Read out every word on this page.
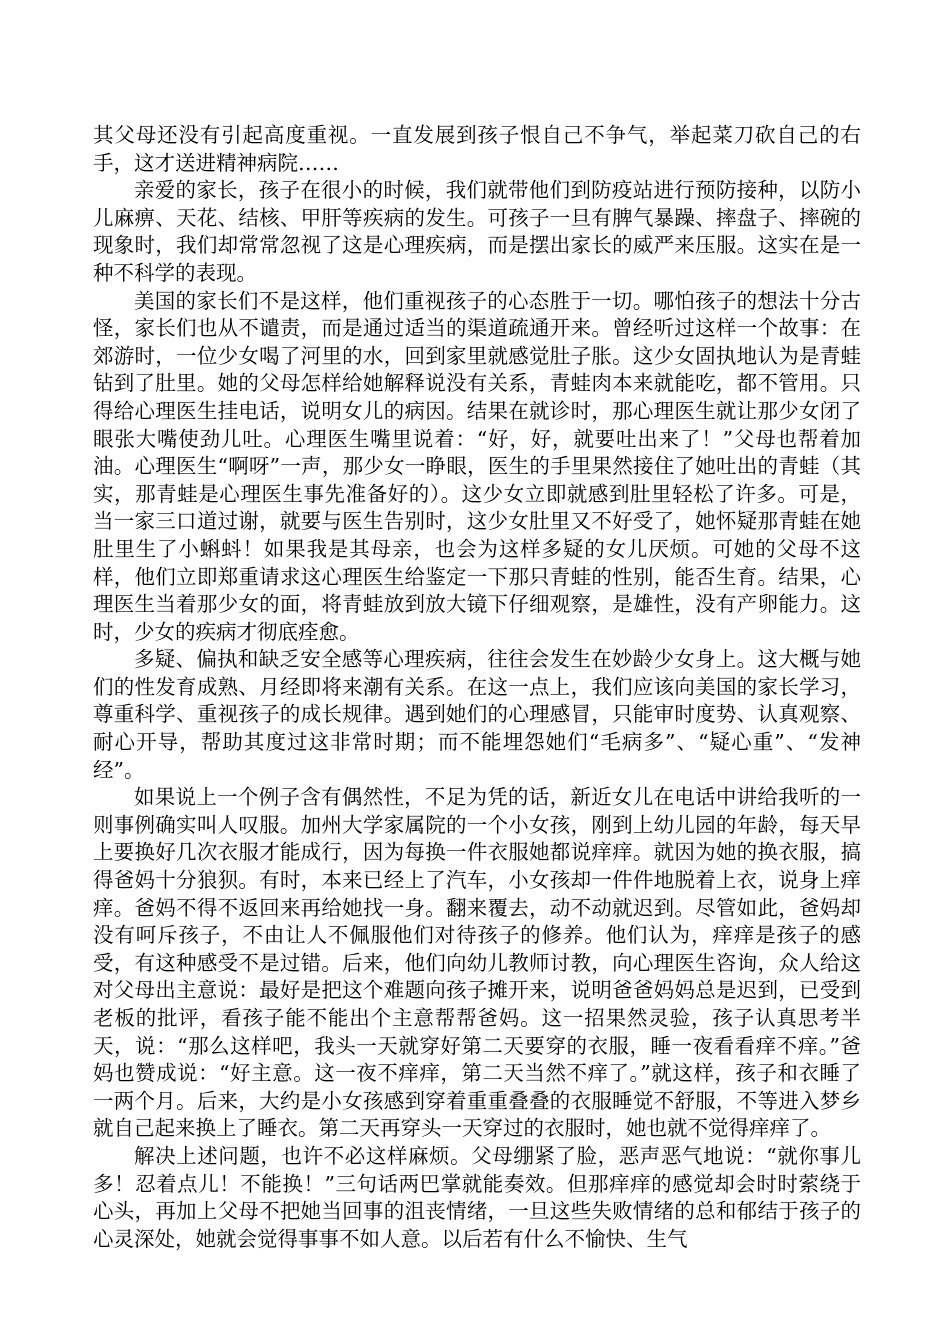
其父母还没有引起高度重视。一直发展到孩子恨自己不争气，举起菜刀砍自己的右手，这才送进精神病院……

亲爱的家长，孩子在很小的时候，我们就带他们到防疫站进行预防接种，以防小儿麻痹、天花、结核、甲肝等疾病的发生。可孩子一旦有脾气暴躁、摔盘子、摔碗的现象时，我们却常常忽视了这是心理疾病，而是摆出家长的威严来压服。这实在是一种不科学的表现。

美国的家长们不是这样，他们重视孩子的心态胜于一切。哪怕孩子的想法十分古怪，家长们也从不谴责，而是通过适当的渠道疏通开来。曾经听过这样一个故事：在郊游时，一位少女喝了河里的水，回到家里就感觉肚子胀。这少女固执地认为是青蛙钻到了肚里。她的父母怎样给她解释说没有关系，青蛙肉本来就能吃，都不管用。只得给心理医生挂电话，说明女儿的病因。结果在就诊时，那心理医生就让那少女闭了眼张大嘴使劲儿吐。心理医生嘴里说着：“好，好，就要吐出来了！”父母也帮着加油。心理医生“啊呀”一声，那少女一睁眼，医生的手里果然接住了她吐出的青蛙（其实，那青蛙是心理医生事先准备好的）。这少女立即就感到肚里轻松了许多。可是，当一家三口道过谢，就要与医生告别时，这少女肚里又不好受了，她怀疑那青蛙在她肚里生了小蝌蚪！如果我是其母亲，也会为这样多疑的女儿厌烦。可她的父母不这样，他们立即郑重请求这心理医生给鉴定一下那只青蛙的性别，能否生育。结果，心理医生当着那少女的面，将青蛙放到放大镜下仔细观察，是雄性，没有产卵能力。这时，少女的疾病才彻底痊愈。

多疑、偏执和缺乏安全感等心理疾病，往往会发生在妙龄少女身上。这大概与她们的性发育成熟、月经即将来潮有关系。在这一点上，我们应该向美国的家长学习，尊重科学、重视孩子的成长规律。遇到她们的心理感冒，只能审时度势、认真观察、耐心开导，帮助其度过这非常时期；而不能埋怨她们“毛病多”、“疑心重”、“发神经”。

如果说上一个例子含有偶然性，不足为凭的话，新近女儿在电话中讲给我听的一则事例确实叫人叹服。加州大学家属院的一个小女孩，刚到上幼儿园的年龄，每天早上要换好几次衣服才能成行，因为每换一件衣服她都说痒痒。就因为她的换衣服，搞得爸妈十分狼狈。有时，本来已经上了汽车，小女孩却一件件地脱着上衣，说身上痒痒。爸妈不得不返回来再给她找一身。翻来覆去，动不动就迟到。尽管如此，爸妈却没有呵斥孩子，不由让人不佩服他们对待孩子的修养。他们认为，痒痒是孩子的感受，有这种感受不是过错。后来，他们向幼儿教师讨教，向心理医生咨询，众人给这对父母出主意说：最好是把这个难题向孩子摊开来，说明爸爸妈妈总是迟到，已受到老板的批评，看孩子能不能出个主意帮帮爸妈。这一招果然灵验，孩子认真思考半天，说：“那么这样吧，我头一天就穿好第二天要穿的衣服，睡一夜看看痒不痒。”爸妈也赞成说：“好主意。这一夜不痒痒，第二天当然不痒了。”就这样，孩子和衣睡了一两个月。后来，大约是小女孩感到穿着重重叠叠的衣服睡觉不舒服，不等进入梦乡就自己起来换上了睡衣。第二天再穿头一天穿过的衣服时，她也就不觉得痒痒了。

解决上述问题，也许不必这样麻烦。父母绷紧了脸，恶声恶气地说：“就你事儿多！忍着点儿！不能换！”三句话两巴掌就能奏效。但那痒痒的感觉却会时时萦绕于心头，再加上父母不把她当回事的沮丧情绪，一旦这些失败情绪的总和郁结于孩子的心灵深处，她就会觉得事事不如人意。以后若有什么不愉快、生气
